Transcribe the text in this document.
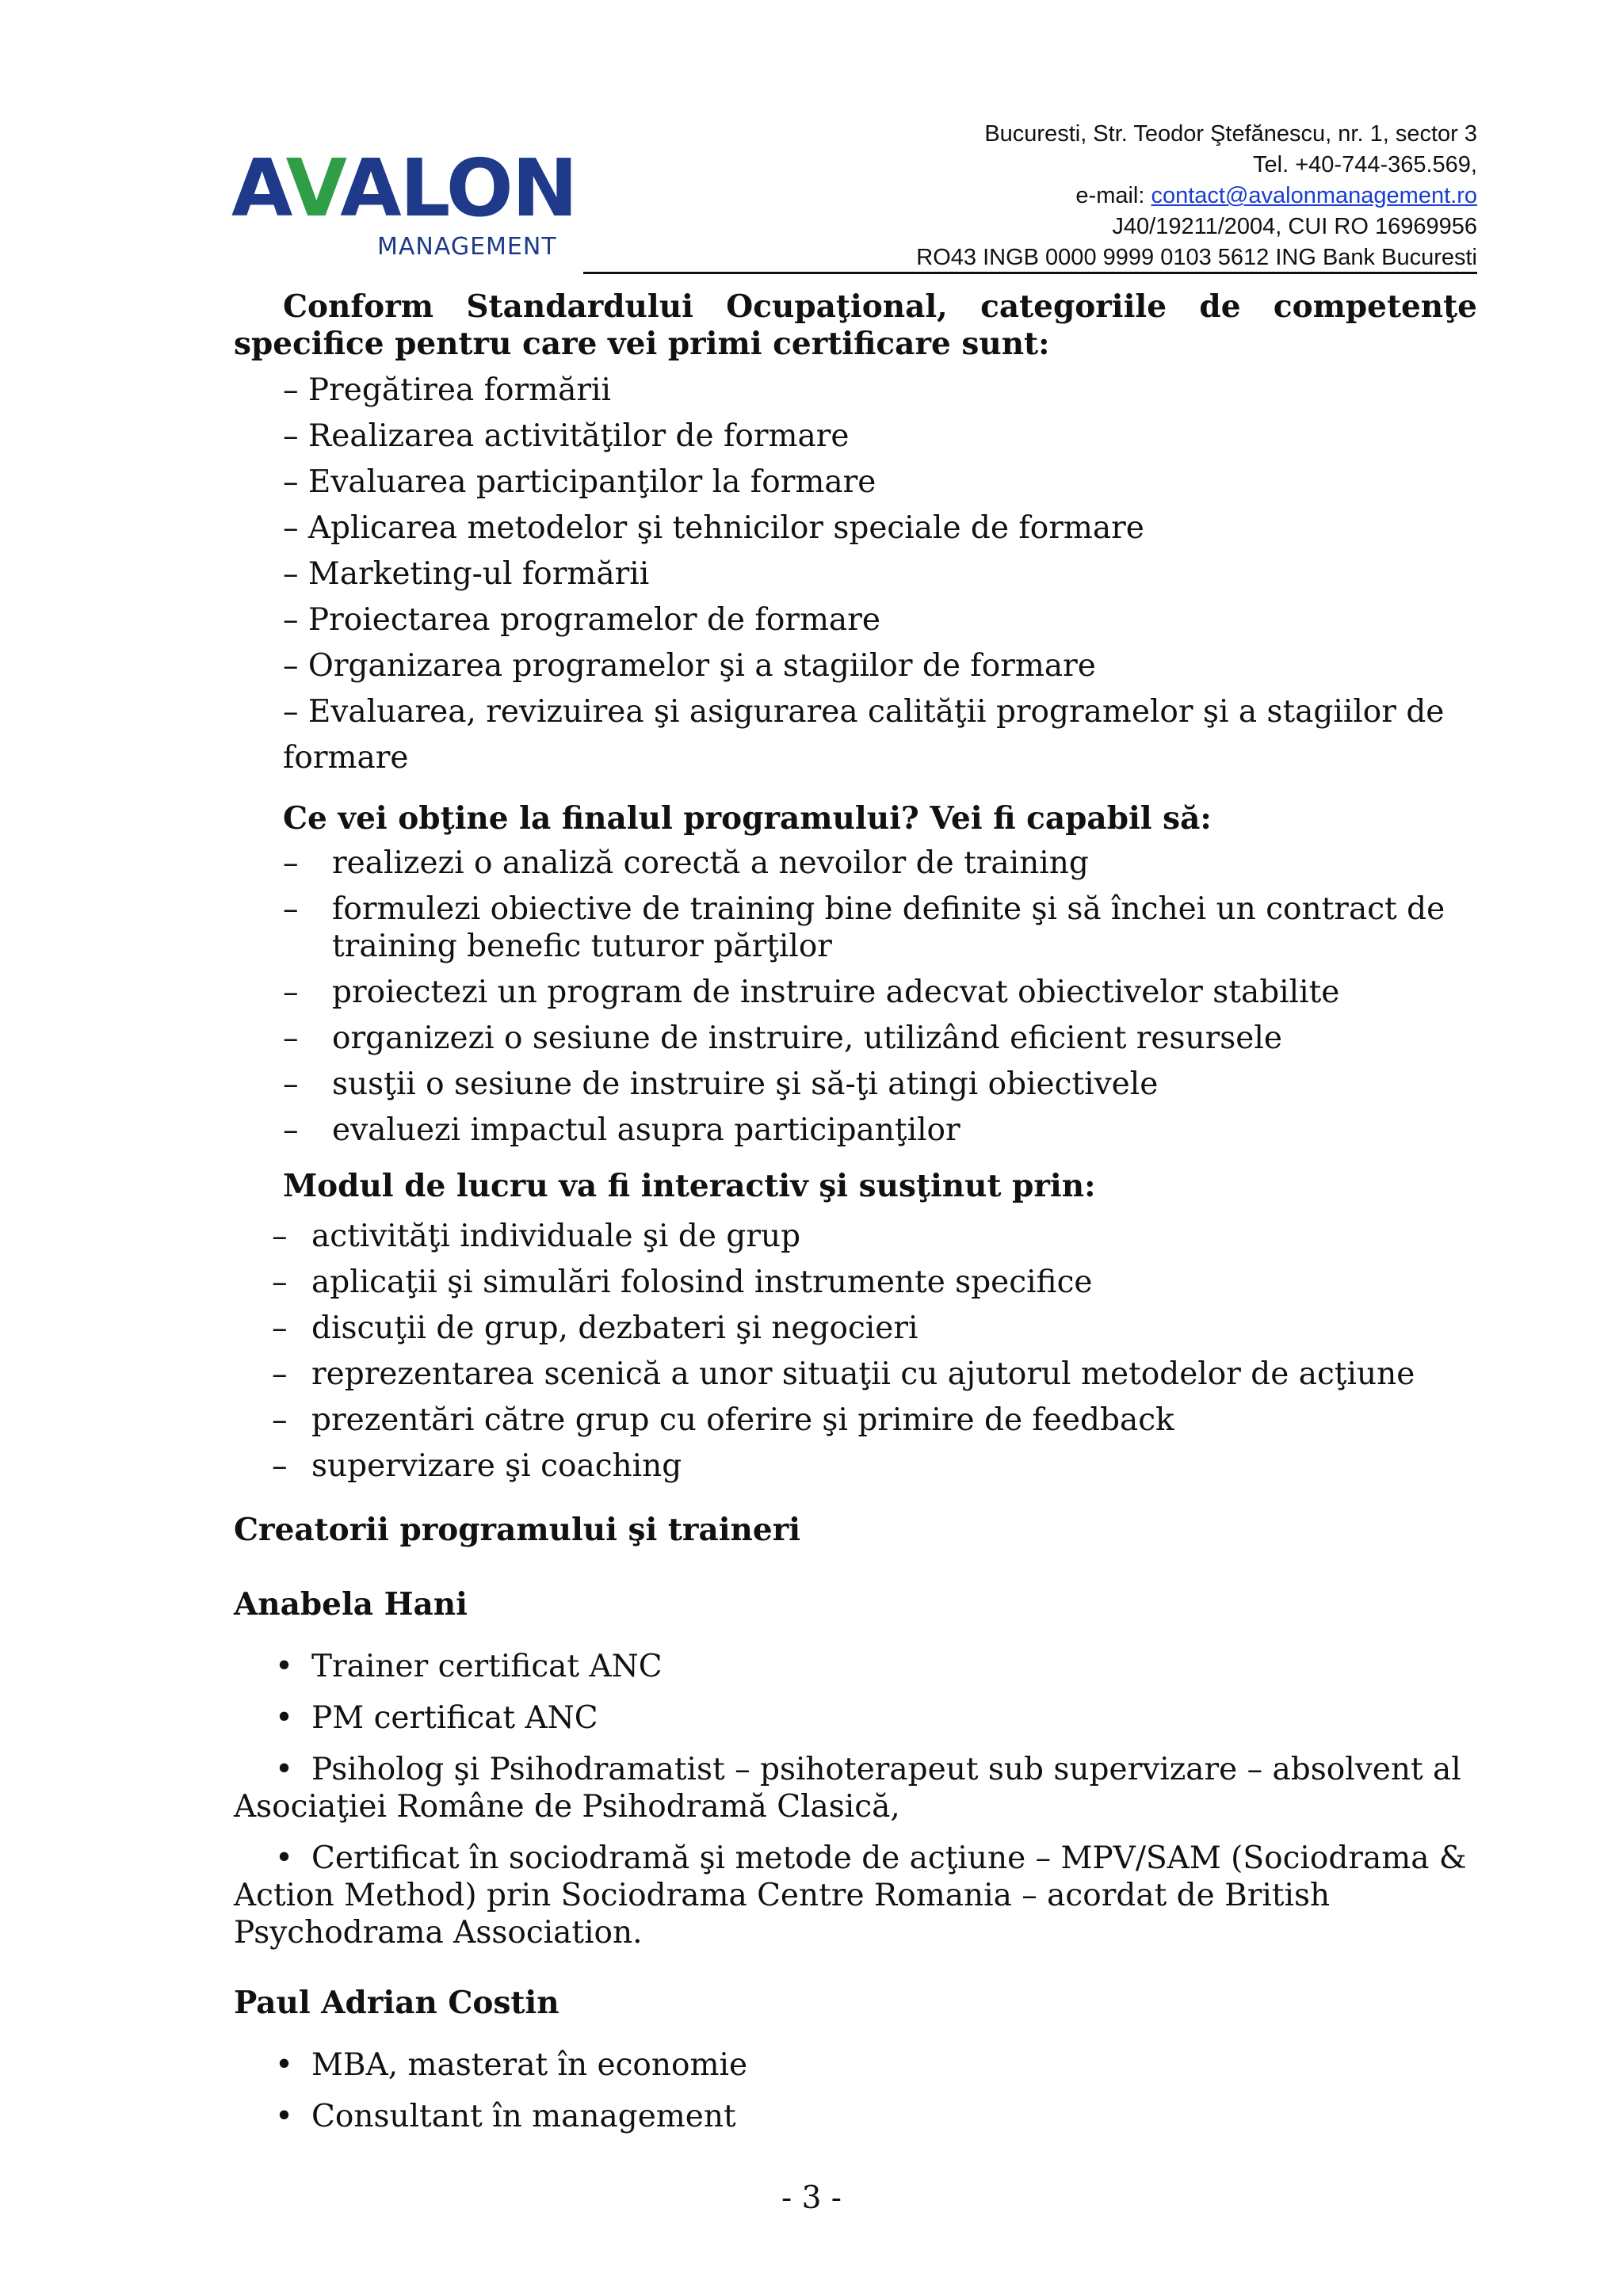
AVALON
MANAGEMENT
Bucuresti, Str. Teodor Ştefănescu, nr. 1, sector 3
Tel. +40-744-365.569,
e-mail: contact@avalonmanagement.ro
J40/19211/2004, CUI RO 16969956
RO43 INGB 0000 9999 0103 5612 ING Bank Bucuresti

Conform Standardului Ocupaţional, categoriile de competenţe specifice pentru care vei primi certificare sunt:

– Pregătirea formării
– Realizarea activităţilor de formare
– Evaluarea participanţilor la formare
– Aplicarea metodelor şi tehnicilor speciale de formare
– Marketing-ul formării
– Proiectarea programelor de formare
– Organizarea programelor şi a stagiilor de formare
– Evaluarea, revizuirea şi asigurarea calităţii programelor şi a stagiilor de formare
Ce vei obţine la finalul programului? Vei fi capabil să:
– realizezi o analiză corectă a nevoilor de training
– formulezi obiective de training bine definite şi să închei un contract de training benefic tuturor părţilor
– proiectezi un program de instruire adecvat obiectivelor stabilite
– organizezi o sesiune de instruire, utilizând eficient resursele
– susţii o sesiune de instruire şi să-ţi atingi obiectivele
– evaluezi impactul asupra participanţilor
Modul de lucru va fi interactiv şi susţinut prin:
– activităţi individuale şi de grup
– aplicaţii şi simulări folosind instrumente specifice
– discuţii de grup, dezbateri şi negocieri
– reprezentarea scenică a unor situaţii cu ajutorul metodelor de acţiune
– prezentări către grup cu oferire şi primire de feedback
– supervizare şi coaching
Creatorii programului şi traineri
Anabela Hani
• Trainer certificat ANC
• PM certificat ANC
• Psiholog şi Psihodramatist – psihoterapeut sub supervizare – absolvent al Asociaţiei Române de Psihodramă Clasică,
• Certificat în sociodramă şi metode de acţiune – MPV/SAM (Sociodrama & Action Method) prin Sociodrama Centre Romania – acordat de British Psychodrama Association.
Paul Adrian Costin
• MBA, masterat în economie
• Consultant în management
- 3 -
